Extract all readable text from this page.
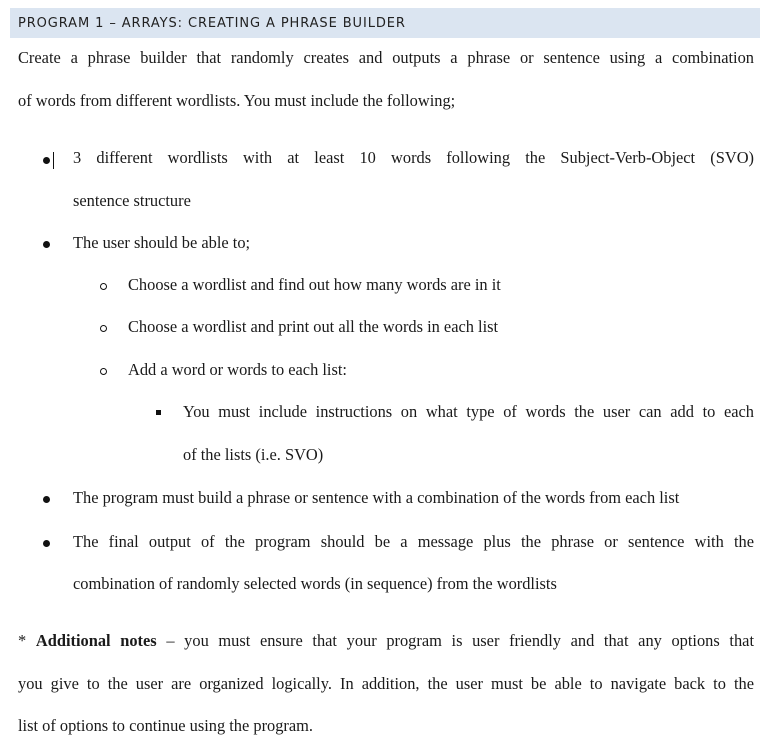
PROGRAM 1 – ARRAYS: CREATING A PHRASE BUILDER
Create a phrase builder that randomly creates and outputs a phrase or sentence using a combination
of words from different wordlists. You must include the following;
3 different wordlists with at least 10 words following the Subject-Verb-Object (SVO)
sentence structure
The user should be able to;
Choose a wordlist and find out how many words are in it
Choose a wordlist and print out all the words in each list
Add a word or words to each list:
You must include instructions on what type of words the user can add to each
of the lists (i.e. SVO)
The program must build a phrase or sentence with a combination of the words from each list
The final output of the program should be a message plus the phrase or sentence with the
combination of randomly selected words (in sequence) from the wordlists
* Additional notes – you must ensure that your program is user friendly and that any options that
you give to the user are organized logically. In addition, the user must be able to navigate back to the
list of options to continue using the program.
